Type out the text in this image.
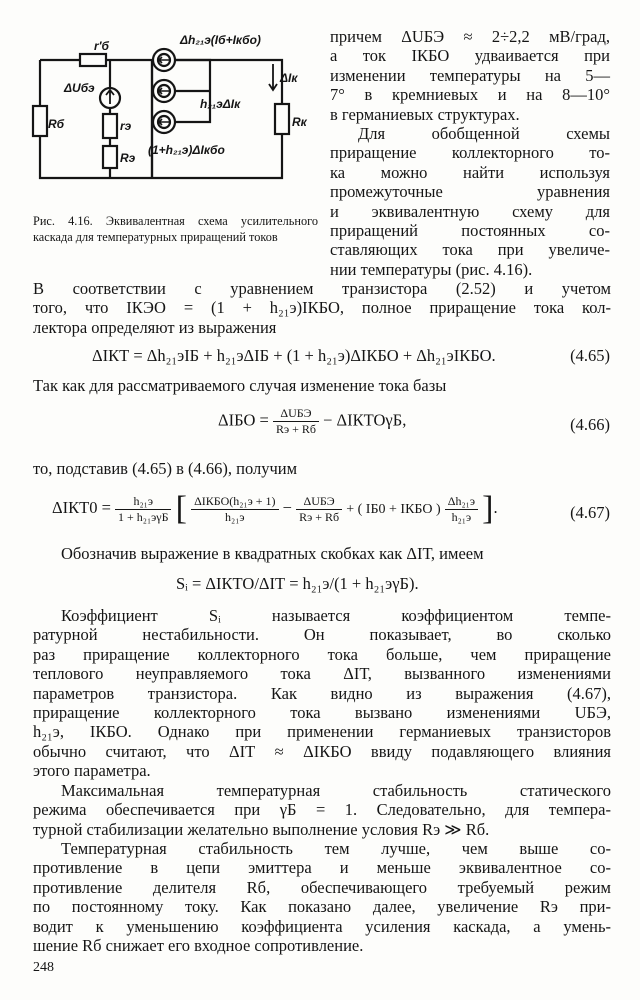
r′б
ΔUбэ
Δh₂₁э(Iб+Iкбо)
ΔIк
h₂₁эΔIк
Rб	rэ
Rэ
Rк
(1+h₂₁э)ΔIкбо
Рис. 4.16. Эквивалентная схема усилительного каскада для температурных приращений токов
причем ΔUБЭ ≈ 2÷2,2 мВ/град,
а ток IКБО удваивается при
изменении температуры на 5—
7° в кремниевых и на 8—10°
в германиевых структурах.
Для обобщенной схемы
приращение коллекторного то-
ка можно найти используя
промежуточные уравнения
и эквивалентную схему для
приращений постоянных со-
ставляющих тока при увеличе-
нии температуры (рис. 4.16).
В соответствии с уравнением транзистора (2.52) и учетом
того, что IКЭО = (1 + h₂₁э)IКБО, полное приращение тока кол-
лектора определяют из выражения
ΔIКТ = Δh₂₁эIБ + h₂₁эΔIБ + (1 + h₂₁э)ΔIКБО + Δh₂₁эIКБО.	(4.65)
Так как для рассматриваемого случая изменение тока базы
$\Delta IБО = \frac{\text{ΔUБЭ}}{Rэ + Rб}$ − ΔIКТОγБ,	(4.66)
то, подставив (4.65) в (4.66), получим
$\Delta IКТ0 = \frac{\text{h₂₁э}}{\text{1 + h₂₁эγБ}}$ [ $\frac{\text{ΔIКБО(h₂₁э + 1)}}{\text{h₂₁э}} - \frac{\text{ΔUБЭ}}{Rэ + Rб}$ + ( IБ0 + IКБО ) $\frac{\text{Δh₂₁э}}{\text{h₂₁э}}$ ].	(4.67)
Обозначив выражение в квадратных скобках как ΔIТ, имеем
Sᵢ = ΔIКТО/ΔIТ = h₂₁э/(1 + h₂₁эγБ).
Коэффициент Sᵢ называется коэффициентом темпе-
ратурной нестабильности. Он показывает, во сколько
раз приращение коллекторного тока больше, чем приращение
теплового неуправляемого тока ΔIТ, вызванного изменениями
параметров транзистора. Как видно из выражения (4.67),
приращение коллекторного тока вызвано изменениями UБЭ,
h₂₁э, IКБО. Однако при применении германиевых транзисторов
обычно считают, что ΔIТ ≈ ΔIКБО ввиду подавляющего влияния
этого параметра.
Максимальная температурная стабильность статического
режима обеспечивается при γБ = 1. Следовательно, для темпера-
турной стабилизации желательно выполнение условия Rэ ≫ Rб.
Температурная стабильность тем лучше, чем выше со-
противление в цепи эмиттера и меньше эквивалентное со-
противление делителя Rб, обеспечивающего требуемый режим
по постоянному току. Как показано далее, увеличение Rэ при-
водит к уменьшению коэффициента усиления каскада, а умень-
шение Rб снижает его входное сопротивление.
248
